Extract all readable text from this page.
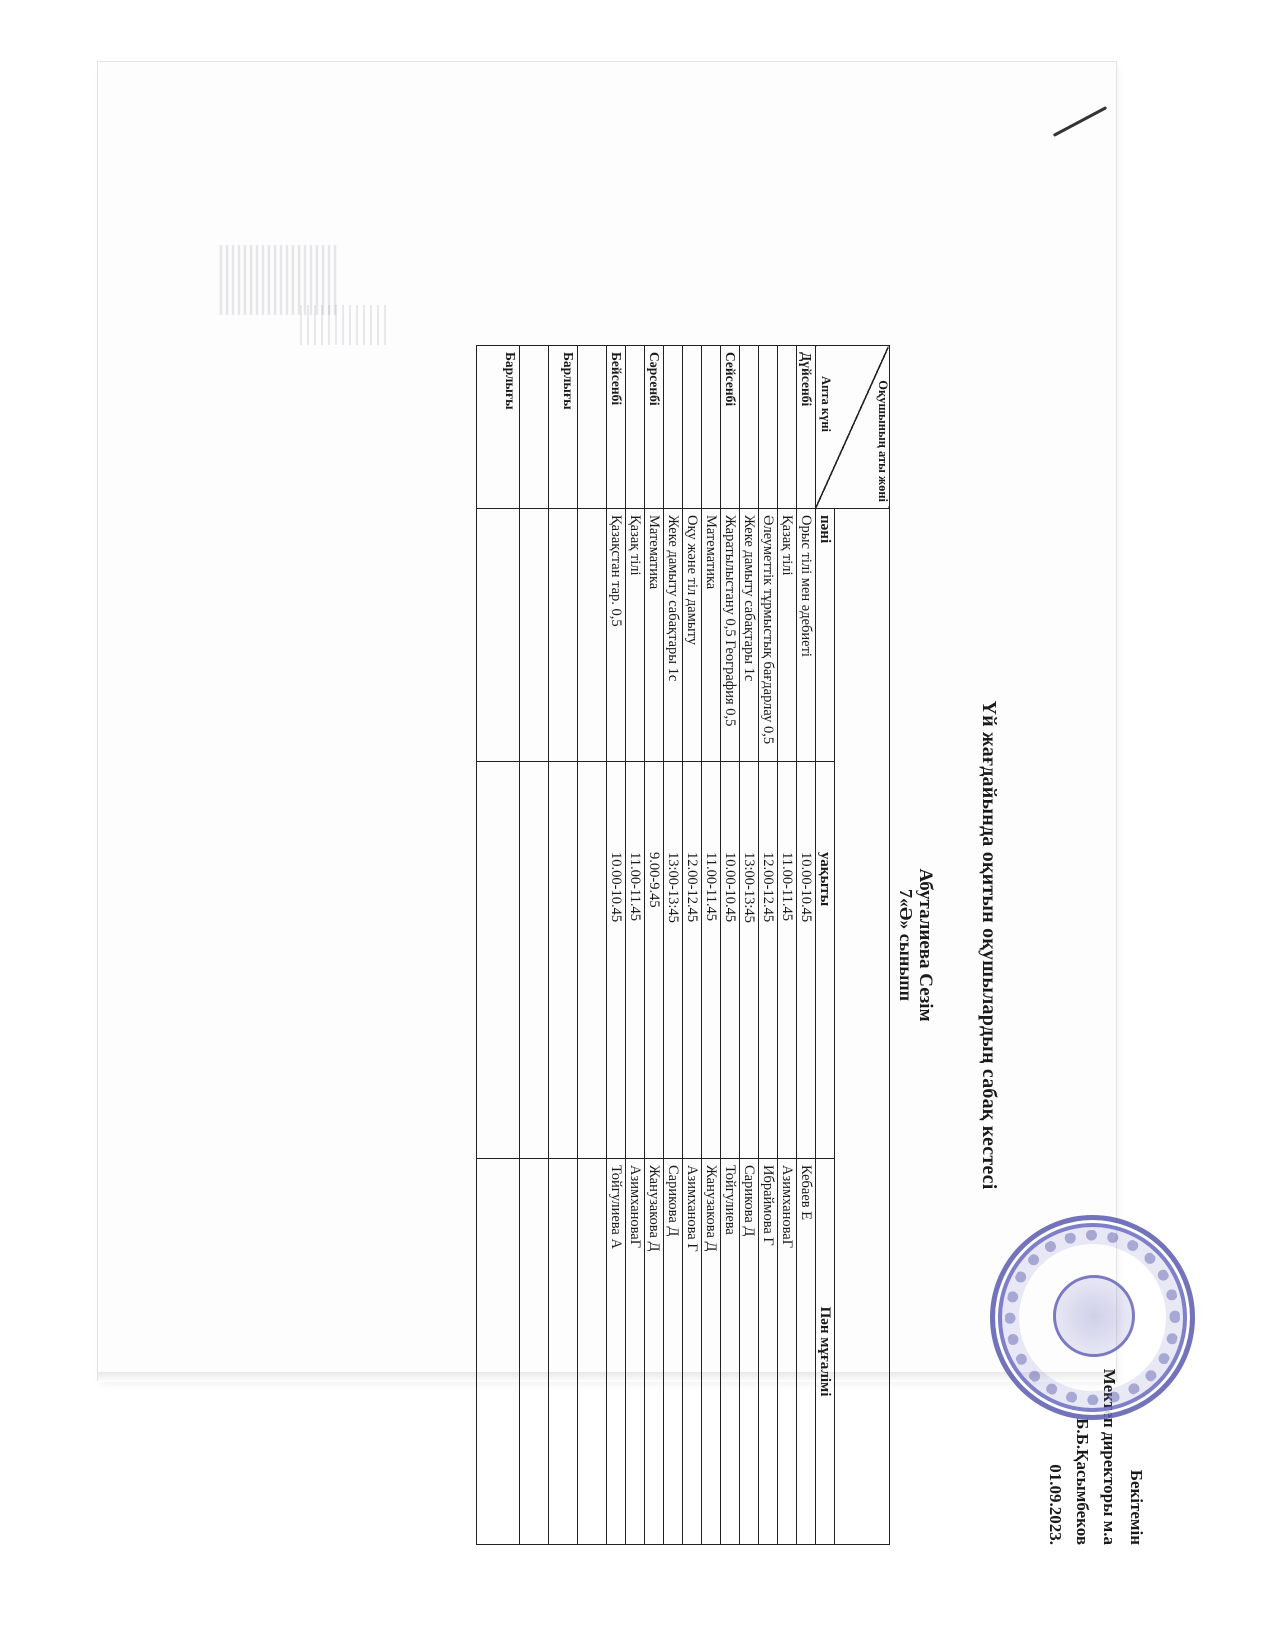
Бекітемін
Мектеп директоры м.а
Б.Б.Қасымбеков
01.09.2023.
Үй жағдайында оқитын оқушылардың сабақ кестесі
Абуталиева Сезім
7«Ә» сыныпп
Оқушының аты жөні
Апта күні			

	пәні	уақыты	Пән мұғалімі
Дүйсенбі	Орыс тілі мен әдебиеті	10.00-10.45	Кебаев Е
	Қазақ тілі	11.00-11.45	АзимхановаГ
	Әлеуметтік тұрмыстық бағдарлау 0,5	12.00-12.45	Ибраймова Г
	Жеке дамыту сабақтары 1с	13:00-13:45	Сарикова Д
Сейсенбі	Жаратылыстану 0,5 География 0,5	10.00-10.45	Тойгулиева
	Математика	11.00-11.45	Жанузакова Д
	Оқу және тіл дамыту	12.00-12.45	Азимханова Г
	Жеке дамыту сабақтары 1с	13:00-13:45	Сарикова Д
Сәрсенбі	Математика	9.00-9.45	Жанузакова Д
	Қазақ тілі	11.00-11.45	АзимхановаГ
Бейсенбі	Қазақстан тар. 0,5	10.00-10.45	Тойгулиева А

Барлығы			

Барлығы			
